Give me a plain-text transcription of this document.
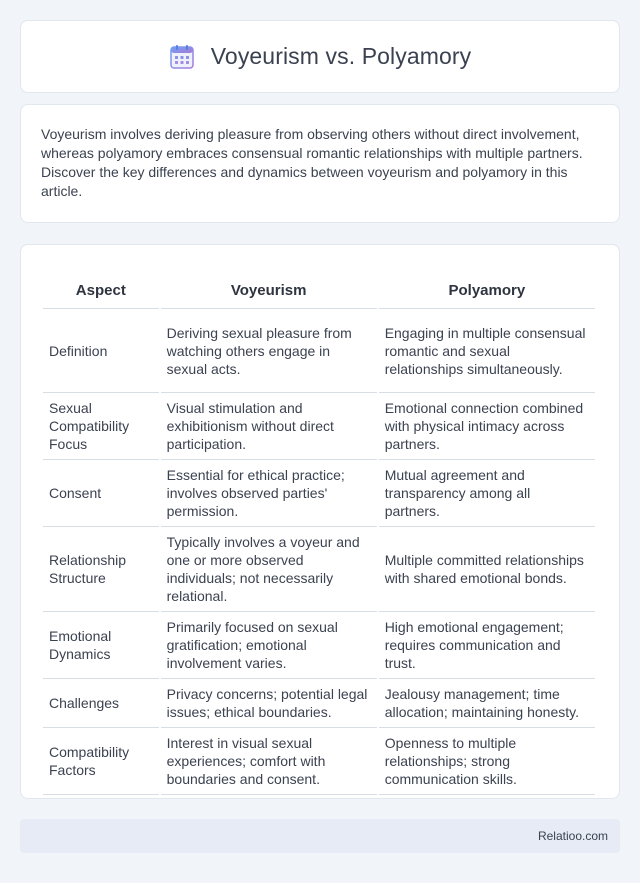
Voyeurism vs. Polyamory

Voyeurism involves deriving pleasure from observing others without direct involvement, whereas polyamory embraces consensual romantic relationships with multiple partners. Discover the key differences and dynamics between voyeurism and polyamory in this article.

Aspect	Voyeurism	Polyamory
Definition	Deriving sexual pleasure from watching others engage in sexual acts.	Engaging in multiple consensual romantic and sexual relationships simultaneously.
Sexual Compatibility Focus	Visual stimulation and exhibitionism without direct participation.	Emotional connection combined with physical intimacy across partners.
Consent	Essential for ethical practice; involves observed parties' permission.	Mutual agreement and transparency among all partners.
Relationship Structure	Typically involves a voyeur and one or more observed individuals; not necessarily relational.	Multiple committed relationships with shared emotional bonds.
Emotional Dynamics	Primarily focused on sexual gratification; emotional involvement varies.	High emotional engagement; requires communication and trust.
Challenges	Privacy concerns; potential legal issues; ethical boundaries.	Jealousy management; time allocation; maintaining honesty.
Compatibility Factors	Interest in visual sexual experiences; comfort with boundaries and consent.	Openness to multiple relationships; strong communication skills.
Relatioo.com
